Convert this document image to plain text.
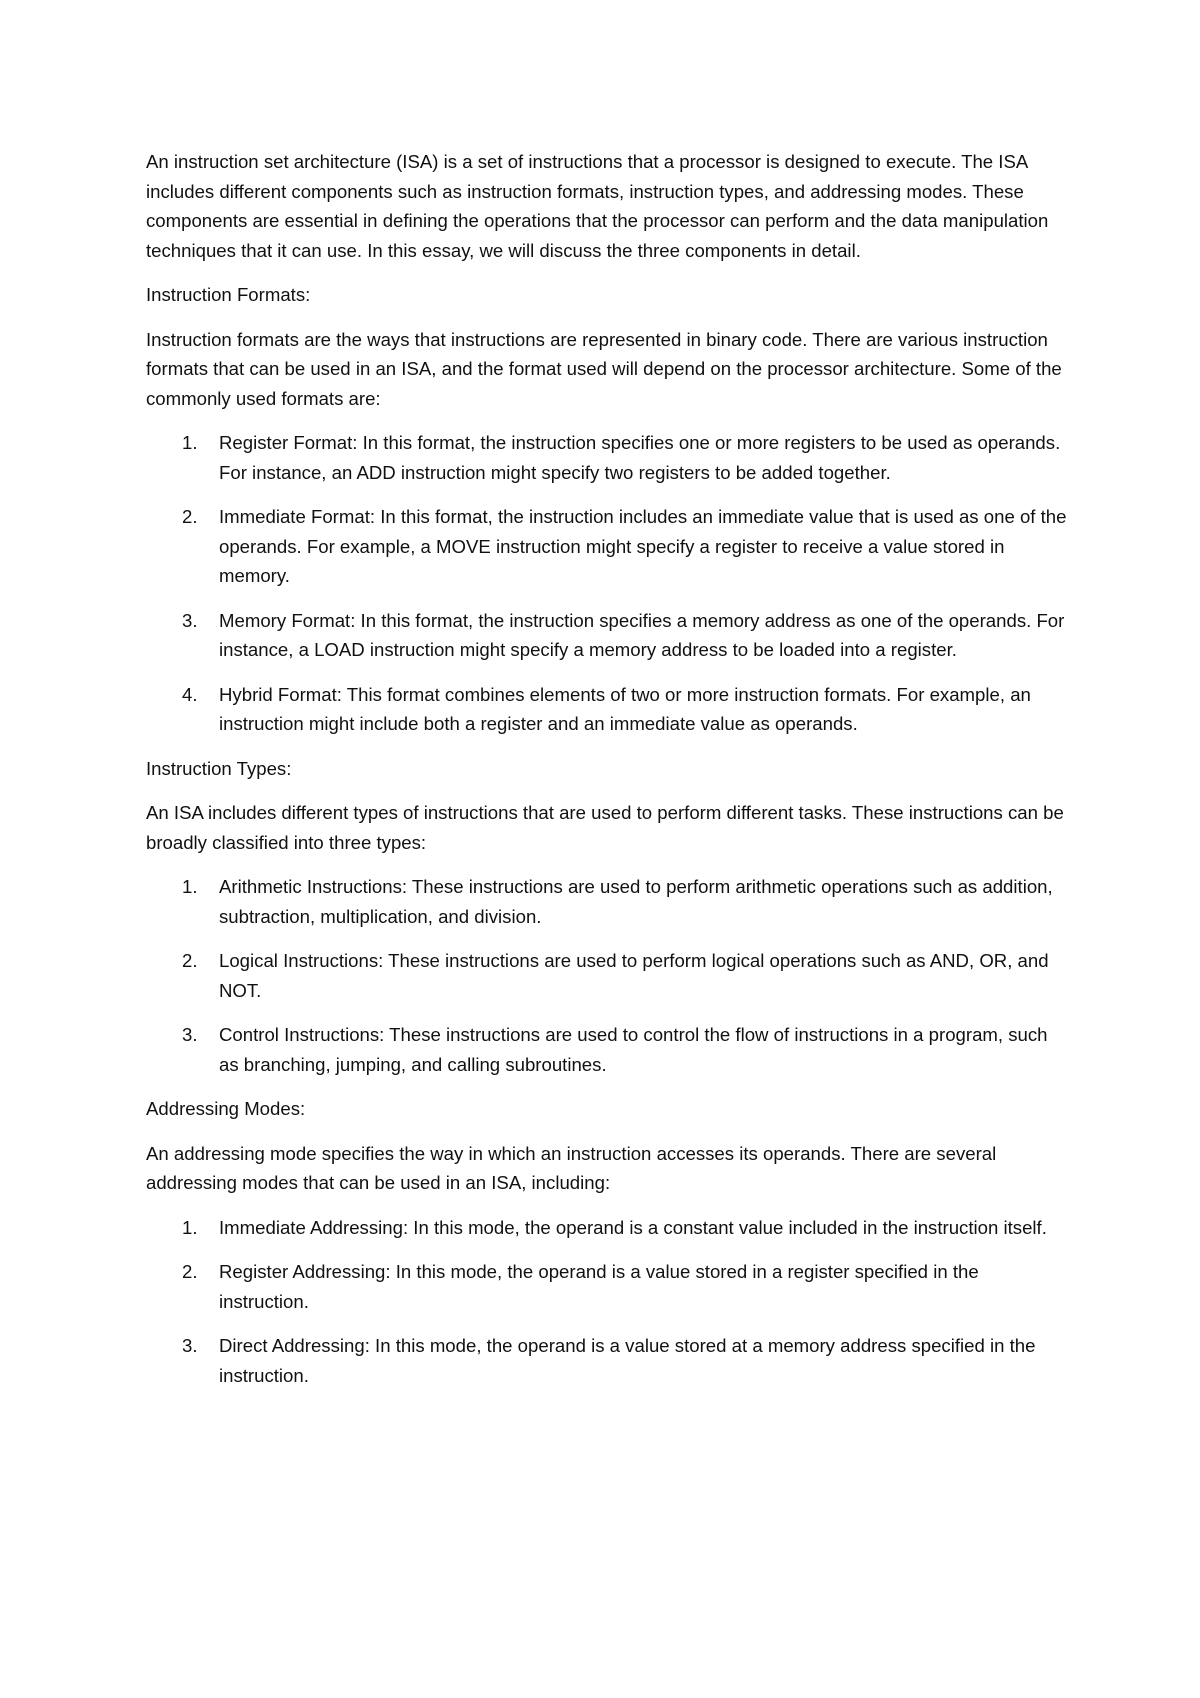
An instruction set architecture (ISA) is a set of instructions that a processor is designed to execute. The ISA includes different components such as instruction formats, instruction types, and addressing modes. These components are essential in defining the operations that the processor can perform and the data manipulation techniques that it can use. In this essay, we will discuss the three components in detail.

Instruction Formats:

Instruction formats are the ways that instructions are represented in binary code. There are various instruction formats that can be used in an ISA, and the format used will depend on the processor architecture. Some of the commonly used formats are:

1. Register Format: In this format, the instruction specifies one or more registers to be used as operands. For instance, an ADD instruction might specify two registers to be added together.
2. Immediate Format: In this format, the instruction includes an immediate value that is used as one of the operands. For example, a MOVE instruction might specify a register to receive a value stored in memory.
3. Memory Format: In this format, the instruction specifies a memory address as one of the operands. For instance, a LOAD instruction might specify a memory address to be loaded into a register.
4. Hybrid Format: This format combines elements of two or more instruction formats. For example, an instruction might include both a register and an immediate value as operands.

Instruction Types:

An ISA includes different types of instructions that are used to perform different tasks. These instructions can be broadly classified into three types:

1. Arithmetic Instructions: These instructions are used to perform arithmetic operations such as addition, subtraction, multiplication, and division.
2. Logical Instructions: These instructions are used to perform logical operations such as AND, OR, and NOT.
3. Control Instructions: These instructions are used to control the flow of instructions in a program, such as branching, jumping, and calling subroutines.

Addressing Modes:

An addressing mode specifies the way in which an instruction accesses its operands. There are several addressing modes that can be used in an ISA, including:

1. Immediate Addressing: In this mode, the operand is a constant value included in the instruction itself.
2. Register Addressing: In this mode, the operand is a value stored in a register specified in the instruction.
3. Direct Addressing: In this mode, the operand is a value stored at a memory address specified in the instruction.
